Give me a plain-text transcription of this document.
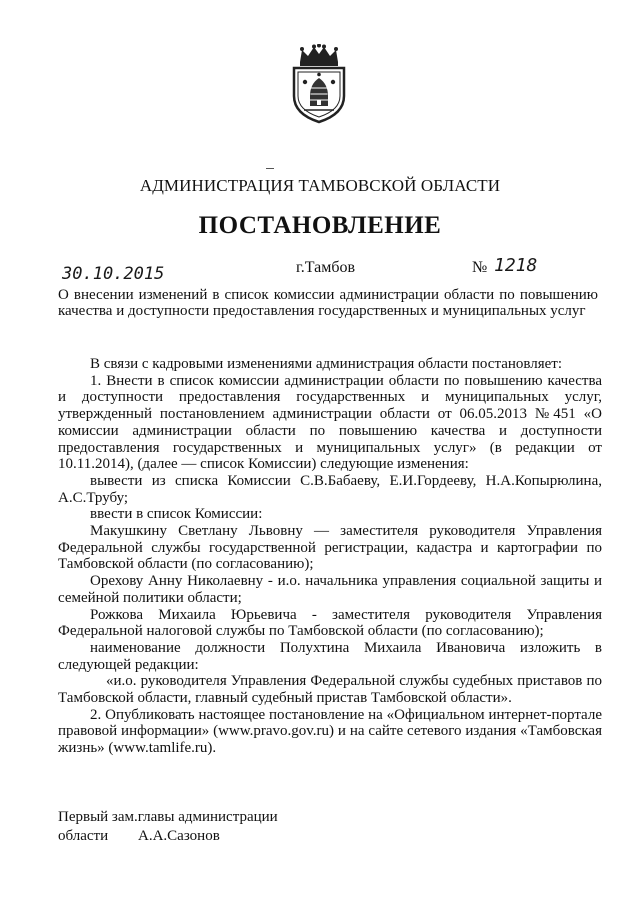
АДМИНИСТРАЦИЯ ТАМБОВСКОЙ ОБЛАСТИ
ПОСТАНОВЛЕНИЕ
30.10.2015	г.Тамбов	№ 1218
О внесении изменений в список комиссии администрации области по повышению качества и доступности предоставления государственных и муниципальных услуг

В связи с кадровыми изменениями администрация области постановляет:

1. Внести в список комиссии администрации области по повышению качества и доступности предоставления государственных и муниципальных услуг, утвержденный постановлением администрации области от 06.05.2013 №451 «О комиссии администрации области по повышению качества и доступности предоставления государственных и муниципальных услуг» (в редакции от 10.11.2014), (далее — список Комиссии) следующие изменения:

вывести из списка Комиссии С.В.Бабаеву, Е.И.Гордееву, Н.А.Копырюлина, А.С.Трубу;

ввести в список Комиссии:

Макушкину Светлану Львовну — заместителя руководителя Управления Федеральной службы государственной регистрации, кадастра и картографии по Тамбовской области (по согласованию);

Орехову Анну Николаевну - и.о. начальника управления социальной защиты и семейной политики области;

Рожкова Михаила Юрьевича - заместителя руководителя Управления Федеральной налоговой службы по Тамбовской области (по согласованию);

наименование должности Полухтина Михаила Ивановича изложить в следующей редакции:

«и.о. руководителя Управления Федеральной службы судебных приставов по Тамбовской области, главный судебный пристав Тамбовской области».

2. Опубликовать настоящее постановление на «Официальном интернет-портале правовой информации» (www.pravo.gov.ru) и на сайте сетевого издания «Тамбовская жизнь» (www.tamlife.ru).

Первый зам.главы администрации
области А.А.Сазонов
